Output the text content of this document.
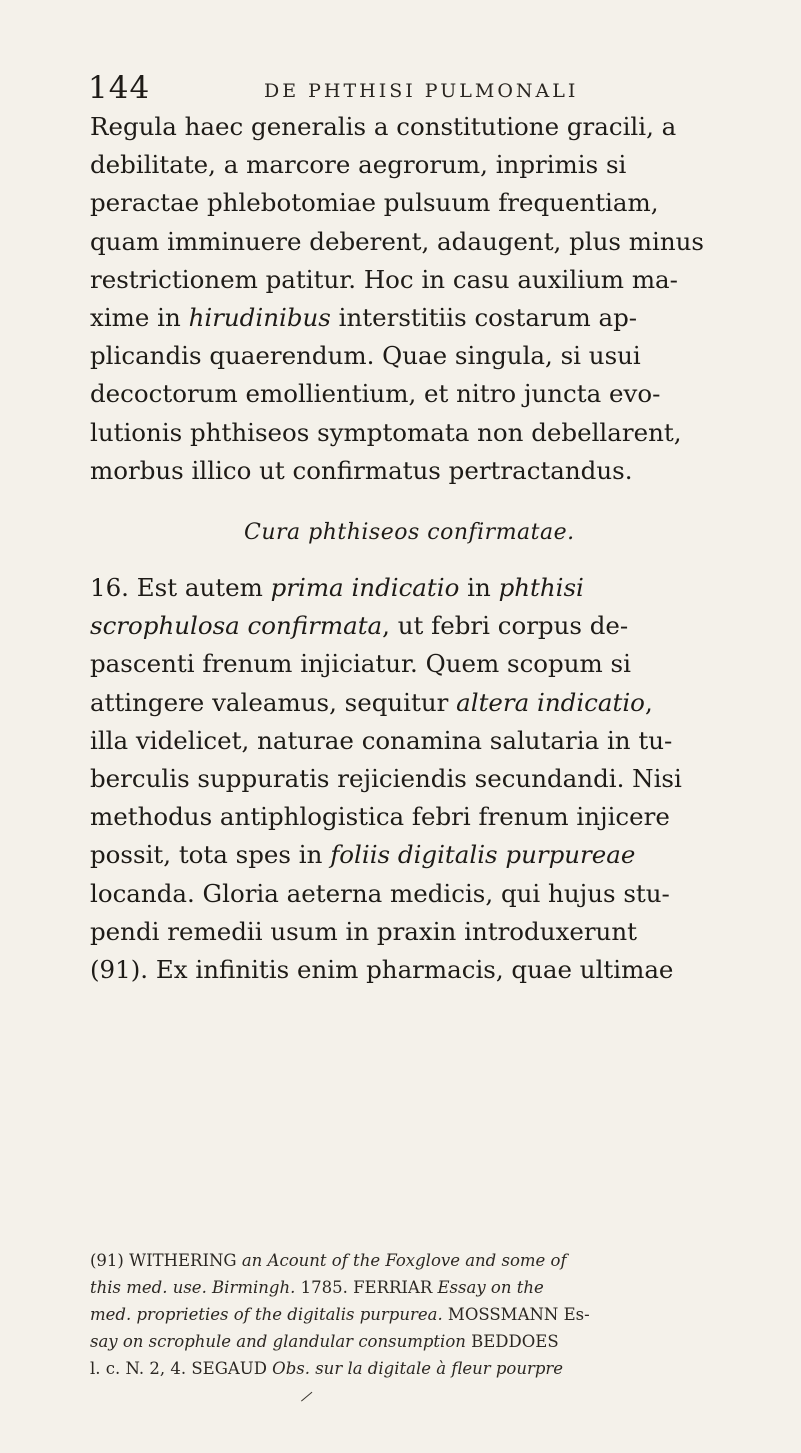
144	DE PHTHISI PULMONALI
Regula haec generalis a constitutione gracili, a
debilitate, a marcore aegrorum, inprimis si
peractae phlebotomiae pulsuum frequentiam,
quam imminuere deberent, adaugent, plus minus
restrictionem patitur. Hoc in casu auxilium ma-
xime in hirudinibus interstitiis costarum ap-
plicandis quaerendum. Quae singula, si usui
decoctorum emollientium, et nitro juncta evo-
lutionis phthiseos symptomata non debellarent,
morbus illico ut confirmatus pertractandus.
Cura phthiseos confirmatae.
16. Est autem prima indicatio in phthisi
scrophulosa confirmata, ut febri corpus de-
pascenti frenum injiciatur. Quem scopum si
attingere valeamus, sequitur altera indicatio,
illa videlicet, naturae conamina salutaria in tu-
berculis suppuratis rejiciendis secundandi. Nisi
methodus antiphlogistica febri frenum injicere
possit, tota spes in foliis digitalis purpureae
locanda. Gloria aeterna medicis, qui hujus stu-
pendi remedii usum in praxin introduxerunt
(91). Ex infinitis enim pharmacis, quae ultimae
(91) WITHERING an Acount of the Foxglove and some of
this med. use. Birmingh. 1785. FERRIAR Essay on the
med. proprieties of the digitalis purpurea. MOSSMANN Es-
say on scrophule and glandular consumption BEDDOES
l. c. N. 2, 4. SEGAUD Obs. sur la digitale à fleur pourpre
